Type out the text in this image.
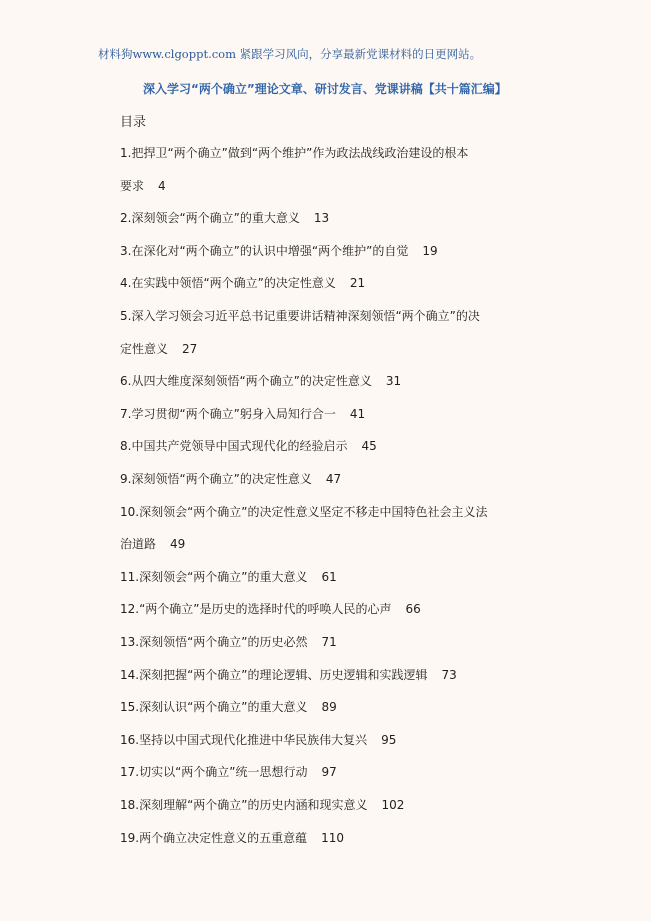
材料狗www.clgoppt.com 紧跟学习风向，分享最新党课材料的日更网站。
深入学习“两个确立”理论文章、研讨发言、党课讲稿【共十篇汇编】
目录
1.把捍卫“两个确立”做到“两个维护”作为政法战线政治建设的根本
要求 4
2.深刻领会“两个确立”的重大意义 13
3.在深化对“两个确立”的认识中增强“两个维护”的自觉 19
4.在实践中领悟“两个确立”的决定性意义 21
5.深入学习领会习近平总书记重要讲话精神深刻领悟“两个确立”的决
定性意义 27
6.从四大维度深刻领悟“两个确立”的决定性意义 31
7.学习贯彻“两个确立”躬身入局知行合一 41
8.中国共产党领导中国式现代化的经验启示 45
9.深刻领悟“两个确立”的决定性意义 47
10.深刻领会“两个确立”的决定性意义坚定不移走中国特色社会主义法
治道路 49
11.深刻领会“两个确立”的重大意义 61
12.“两个确立”是历史的选择时代的呼唤人民的心声 66
13.深刻领悟“两个确立”的历史必然 71
14.深刻把握“两个确立”的理论逻辑、历史逻辑和实践逻辑 73
15.深刻认识“两个确立”的重大意义 89
16.坚持以中国式现代化推进中华民族伟大复兴 95
17.切实以“两个确立”统一思想行动 97
18.深刻理解“两个确立”的历史内涵和现实意义 102
19.两个确立决定性意义的五重意蕴 110
